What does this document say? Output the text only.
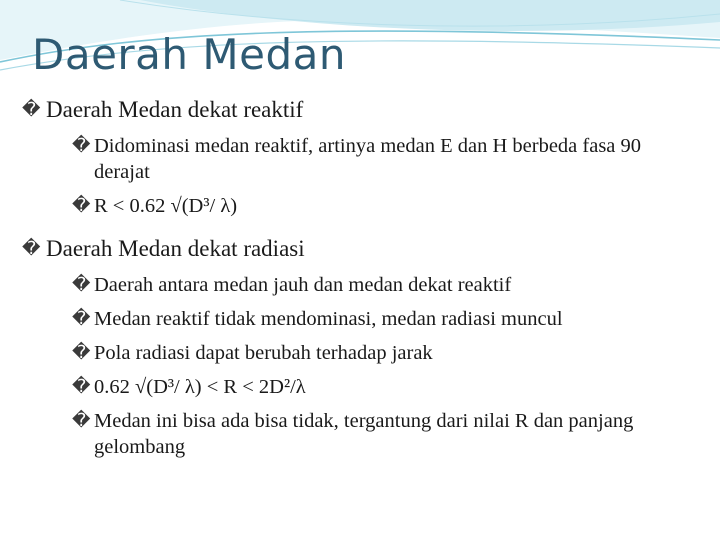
Daerah Medan
� Daerah Medan dekat reaktif
� Didominasi medan reaktif, artinya medan E dan H berbeda fasa 90 derajat
� R < 0.62 √(D³/ λ)
� Daerah Medan dekat radiasi
� Daerah antara medan jauh dan medan dekat reaktif
� Medan reaktif tidak mendominasi, medan radiasi muncul
� Pola radiasi dapat berubah terhadap jarak
� 0.62 √(D³/ λ) < R < 2D²/λ
� Medan ini bisa ada bisa tidak, tergantung dari nilai R dan panjang gelombang
